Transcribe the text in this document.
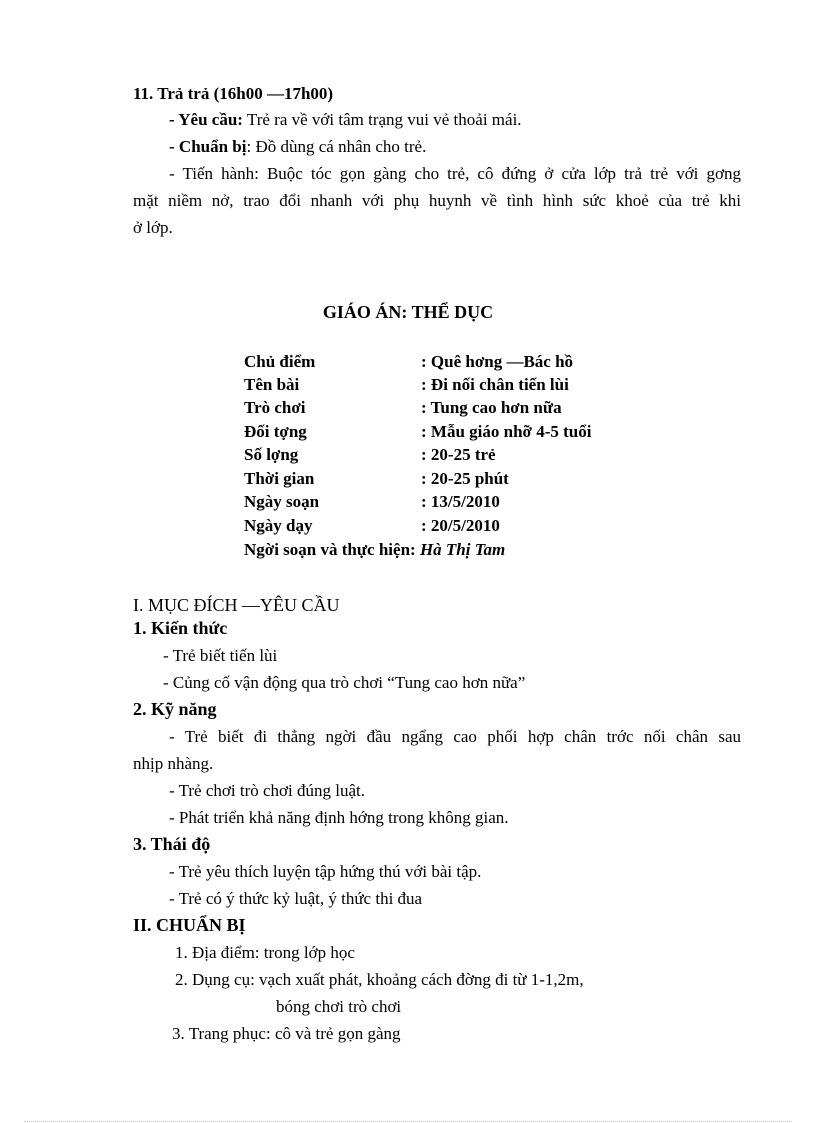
11. Trả trả (16h00 —17h00)
- Yêu cầu: Trẻ ra về với tâm trạng vui vẻ thoải mái.
- Chuẩn bị: Đồ dùng cá nhân cho trẻ.
- Tiến hành: Buộc tóc gọn gàng cho trẻ, cô đứng ở cửa lớp trả trẻ với gơng
mặt niềm nở, trao đổi nhanh với phụ huynh về tình hình sức khoẻ của trẻ khi
ở lớp.
GIÁO ÁN: THỂ DỤC
Chủ điểm	: Quê hơng —Bác hồ
Tên bài	: Đi nối chân tiến lùi
Trò chơi	: Tung cao hơn nữa
Đối tợng	: Mẫu giáo nhỡ 4-5 tuổi
Số lợng	: 20-25 trẻ
Thời gian	: 20-25 phút
Ngày soạn	: 13/5/2010
Ngày dạy	: 20/5/2010
Ngời soạn và thực hiện: Hà Thị Tam
I. MỤC ĐÍCH —YÊU CẦU
1. Kiến thức
- Trẻ biết tiến lùi
- Củng cố vận động qua trò chơi “Tung cao hơn nữa”
2. Kỹ năng
- Trẻ biết đi thẳng ngời đầu ngẩng cao phối hợp chân trớc nối chân sau
nhịp nhàng.
- Trẻ chơi trò chơi đúng luật.
- Phát triển khả năng định hớng trong không gian.
3. Thái độ
- Trẻ yêu thích luyện tập hứng thú với bài tập.
- Trẻ có ý thức kỷ luật, ý thức thi đua
II. CHUẨN BỊ
1. Địa điểm: trong lớp học
2. Dụng cụ: vạch xuất phát, khoảng cách đờng đi từ 1-1,2m,
bóng chơi trò chơi
3. Trang phục: cô và trẻ gọn gàng
